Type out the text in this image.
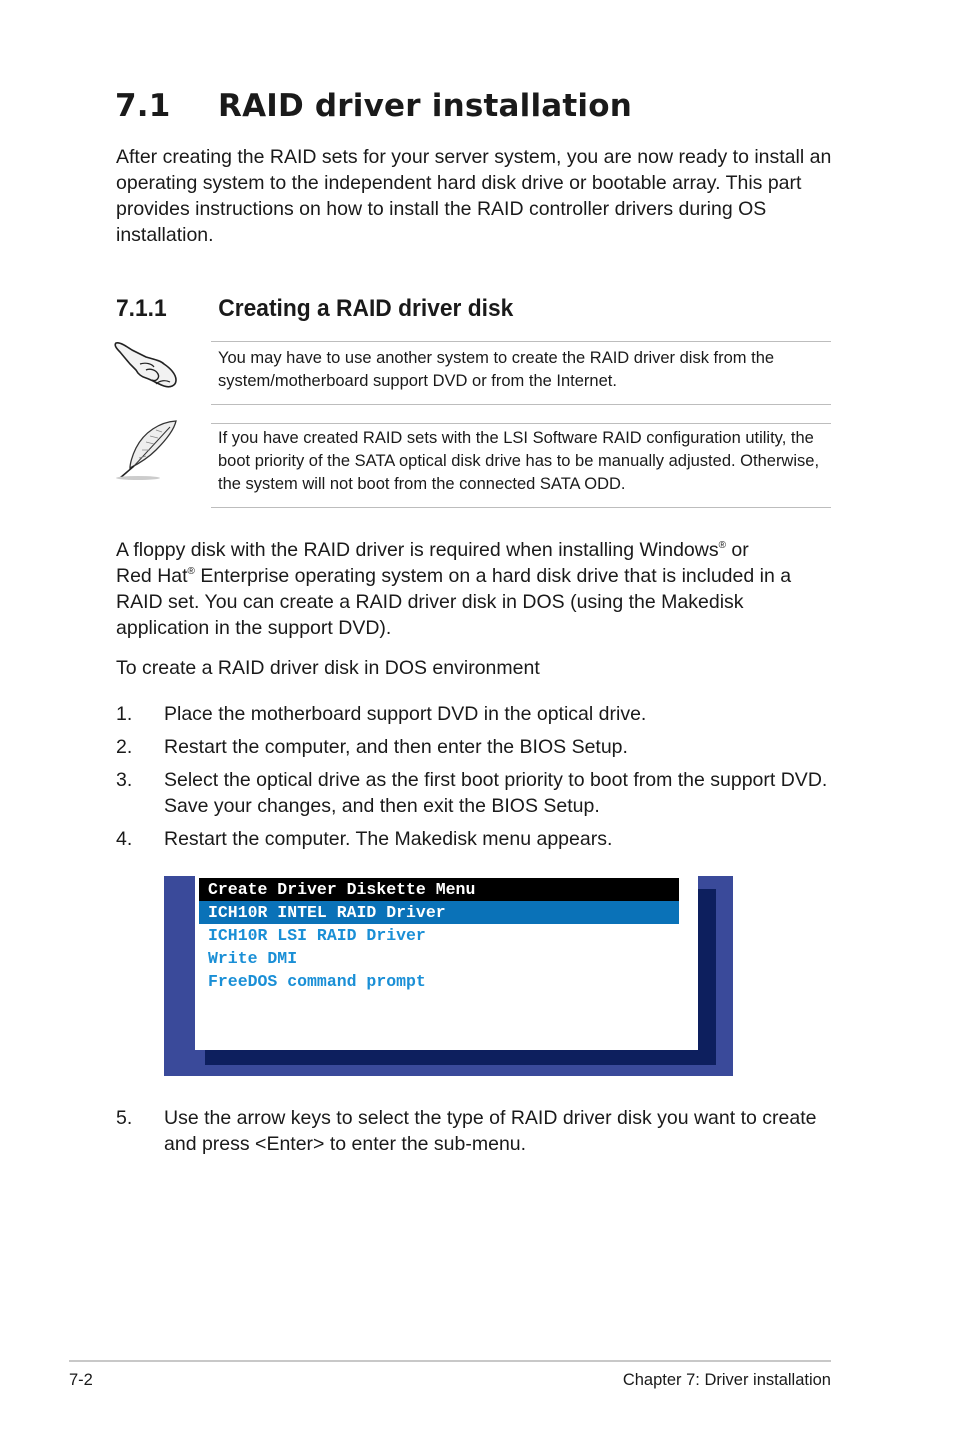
7.1 RAID driver installation
After creating the RAID sets for your server system, you are now ready to install an operating system to the independent hard disk drive or bootable array. This part provides instructions on how to install the RAID controller drivers during OS installation.
7.1.1 Creating a RAID driver disk
You may have to use another system to create the RAID driver disk from the system/motherboard support DVD or from the Internet.
If you have created RAID sets with the LSI Software RAID configuration utility, the boot priority of the SATA optical disk drive has to be manually adjusted. Otherwise, the system will not boot from the connected SATA ODD.
A floppy disk with the RAID driver is required when installing Windows® or
Red Hat® Enterprise operating system on a hard disk drive that is included in a RAID set. You can create a RAID driver disk in DOS (using the Makedisk application in the support DVD).
To create a RAID driver disk in DOS environment
1. Place the motherboard support DVD in the optical drive.
2. Restart the computer, and then enter the BIOS Setup.
3. Select the optical drive as the first boot priority to boot from the support DVD. Save your changes, and then exit the BIOS Setup.
4. Restart the computer. The Makedisk menu appears.
Create Driver Diskette Menu
ICH10R INTEL RAID Driver
ICH10R LSI RAID Driver
Write DMI
FreeDOS command prompt
5. Use the arrow keys to select the type of RAID driver disk you want to create and press <Enter> to enter the sub-menu.
7-2	Chapter 7: Driver installation
